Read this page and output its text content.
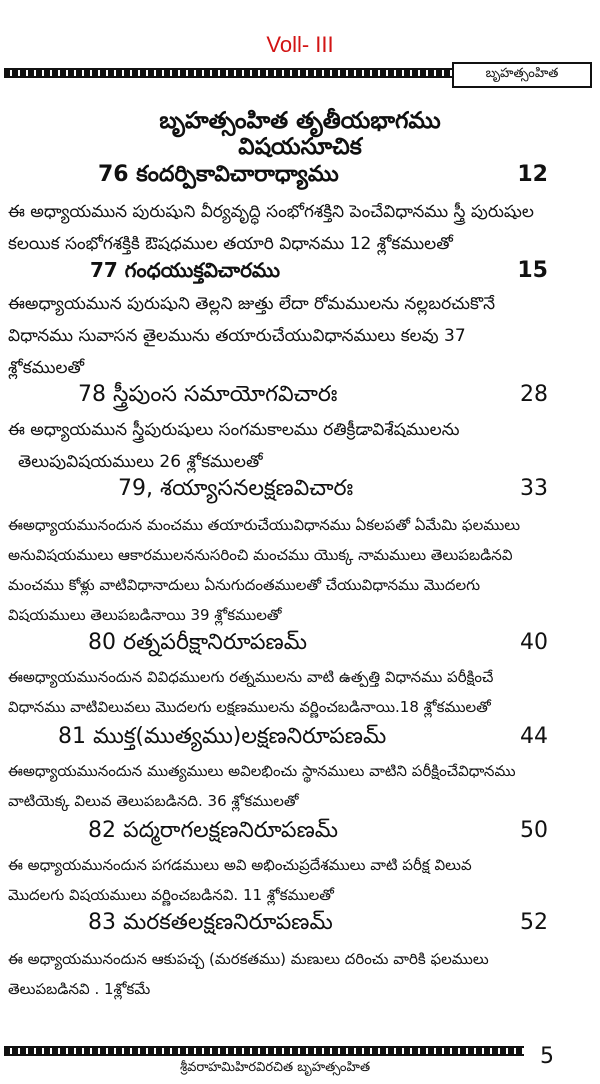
Voll- III
బృహత్సంహిత
బృహత్సంహిత తృతీయభాగము
విషయసూచిక
76 కందర్పికావిచారాధ్యాము	12
ఈ అధ్యాయమున పురుషుని వీర్యవృద్ధి సంభోగశక్తిని పెంచేవిధానము స్త్రీ పురుషుల
కలయిక సంభోగశక్తికి ఔషధముల తయారి విధానము 12 శ్లోకములతో
77 గంధయుక్తవిచారము	15
ఈఅధ్యాయమున పురుషుని తెల్లని జుత్తు లేదా రోమములను నల్లబరచుకొనే
విధానము సువాసన తైలమును తయారుచేయువిధానములు కలవు 37
శ్లోకములతో
78 స్త్రీపుంస సమాయోగవిచారః	28
ఈ అధ్యాయమున స్త్రీపురుషులు సంగమకాలము రతిక్రీడావిశేషములను
తెలుపువిషయములు 26 శ్లోకములతో
79, శయ్యాసనలక్షణవిచారః	33
ఈఅధ్యాయమునందున మంచము తయారుచేయువిధానము ఏకలపతో ఏమేమి ఫలములు
అనువిషయములు ఆకారములననుసరించి మంచము యొక్క నామములు తెలుపబడినవి
మంచము కోళ్లు వాటివిధానాదులు ఏనుగుదంతములతో చేయువిధానము మొదలగు
విషయములు తెలుపబడినాయి 39 శ్లోకములతో
80 రత్నపరీక్షానిరూపణమ్	40
ఈఅధ్యాయమునందున వివిధములగు రత్నములను వాటి ఉత్పత్తి విధానము పరీక్షించే
విధానము వాటివిలువలు మొదలగు లక్షణములను వర్ణించబడినాయి.18 శ్లోకములతో
81 ముక్త(ముత్యము)లక్షణనిరూపణమ్	44
ఈఅధ్యాయమునందున ముత్యములు అవిలభించు స్థానములు వాటిని పరీక్షించేవిధానము
వాటియెక్క విలువ తెలుపబడినది. 36 శ్లోకములతో
82 పద్మరాగలక్షణనిరూపణమ్	50
ఈ అధ్యాయమునందున పగడములు అవి అభించుప్రదేశములు వాటి పరీక్ష విలువ
మొదలగు విషయములు వర్ణించబడినవి. 11 శ్లోకములతో
83 మరకతలక్షణనిరూపణమ్	52
ఈ అధ్యాయమునందున ఆకుపచ్చ (మరకతము) మణులు దరించు వారికి ఫలములు
తెలుపబడినవి . 1శ్లోకమే
శ్రీవరాహమిహిరవిరచిత బృహత్సంహిత	5
